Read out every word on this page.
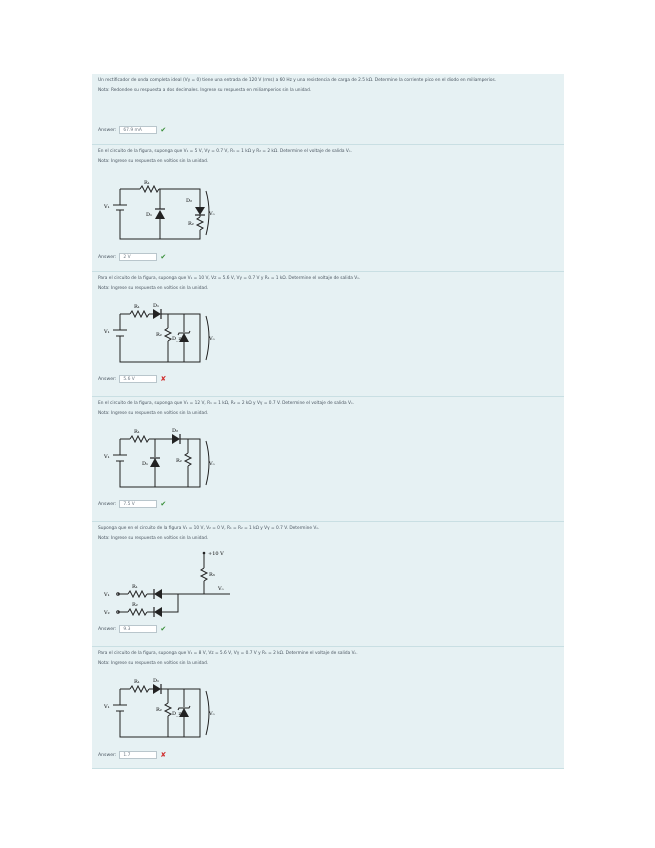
Un rectificador de onda completa ideal (Vγ = 0) tiene una entrada de 120 V (rms) a 60 Hz y una resistencia de carga de 2.5 kΩ. Determine la corriente pico en el diodo en miliamperios.
Nota: Redondee su respuesta a dos decimales. Ingrese su respuesta en miliamperios sin la unidad.
Answer:	67.9 mA	✔
En el circuito de la figura, suponga que V₁ = 5 V, Vγ = 0.7 V, R₁ = 1 kΩ y R₂ = 2 kΩ. Determine el voltaje de salida Vₒ.
Nota: Ingrese su respuesta en voltios sin la unidad.
R₁
V₁
D₁
D₂
R₂
Vₒ
Answer:	2 V	✔
Para el circuito de la figura, suponga que V₁ = 10 V, Vz = 5.6 V, Vγ = 0.7 V y R₁ = 1 kΩ. Determine el voltaje de salida Vₒ.
Nota: Ingrese su respuesta en voltios sin la unidad.
R₁	D₁
V₁	R₂
D_z	Vₒ
Answer:	5.6 V	✘
En el circuito de la figura, suponga que V₁ = 12 V, R₁ = 1 kΩ, R₂ = 2 kΩ y Vγ = 0.7 V. Determine el voltaje de salida Vₒ.
Nota: Ingrese su respuesta en voltios sin la unidad.
R₁	D₂
V₁
D₁	R₂	Vₒ
Answer:	7.5 V	✔
Suponga que en el circuito de la figura V₁ = 10 V, V₂ = 0 V, R₁ = R₂ = 1 kΩ y Vγ = 0.7 V. Determine Vₒ.
Nota: Ingrese su respuesta en voltios sin la unidad.
+10 V
V₁
V₂
R₁
R₂
R₃
Vₒ
Answer:	9.3	✔
Para el circuito de la figura, suponga que V₁ = 8 V, Vz = 5.6 V, Vγ = 0.7 V y R₁ = 2 kΩ. Determine el voltaje de salida Vₒ.
Nota: Ingrese su respuesta en voltios sin la unidad.
R₁	D₁
V₁	R₂
D_z	Vₒ
Answer:	1.7	✘
